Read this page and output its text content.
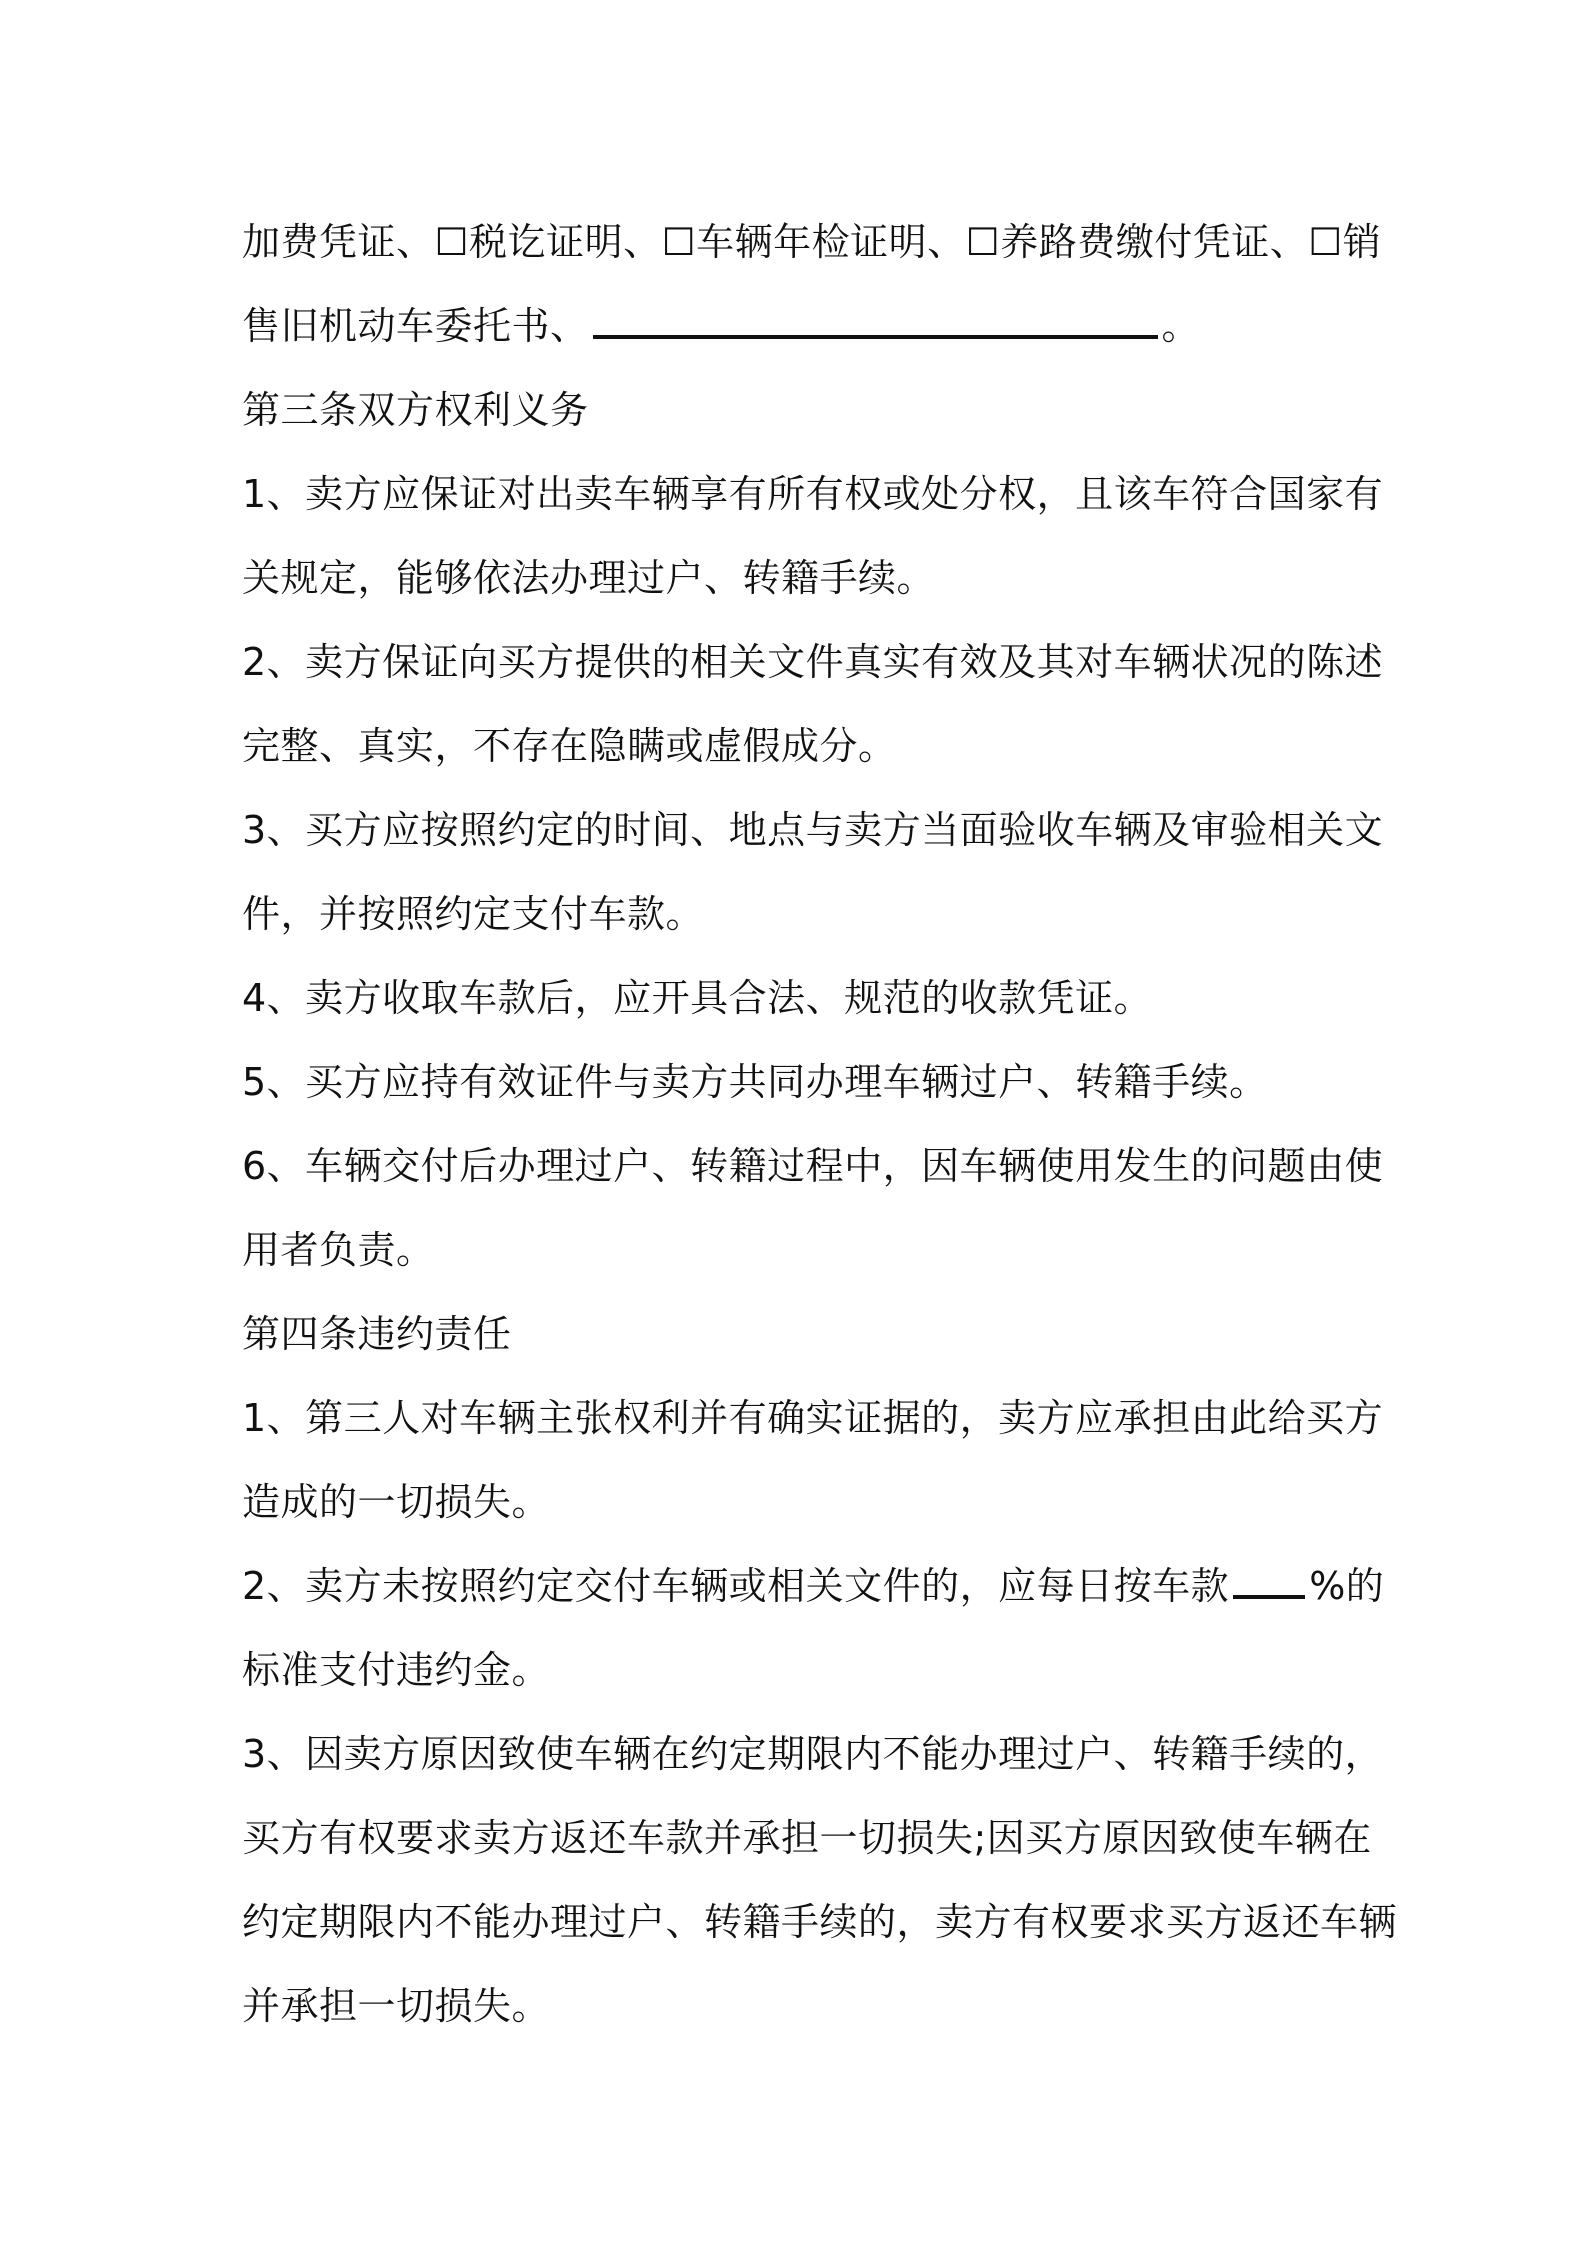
加费凭证、☐税讫证明、☐车辆年检证明、☐养路费缴付凭证、☐销
售旧机动车委托书、	。
第三条双方权利义务
1、卖方应保证对出卖车辆享有所有权或处分权，且该车符合国家有
关规定，能够依法办理过户、转籍手续。
2、卖方保证向买方提供的相关文件真实有效及其对车辆状况的陈述
完整、真实，不存在隐瞒或虚假成分。
3、买方应按照约定的时间、地点与卖方当面验收车辆及审验相关文
件，并按照约定支付车款。
4、卖方收取车款后，应开具合法、规范的收款凭证。
5、买方应持有效证件与卖方共同办理车辆过户、转籍手续。
6、车辆交付后办理过户、转籍过程中，因车辆使用发生的问题由使
用者负责。
第四条违约责任
1、第三人对车辆主张权利并有确实证据的，卖方应承担由此给买方
造成的一切损失。
2、卖方未按照约定交付车辆或相关文件的，应每日按车款 %的
标准支付违约金。
3、因卖方原因致使车辆在约定期限内不能办理过户、转籍手续的，
买方有权要求卖方返还车款并承担一切损失;因买方原因致使车辆在
约定期限内不能办理过户、转籍手续的，卖方有权要求买方返还车辆
并承担一切损失。
